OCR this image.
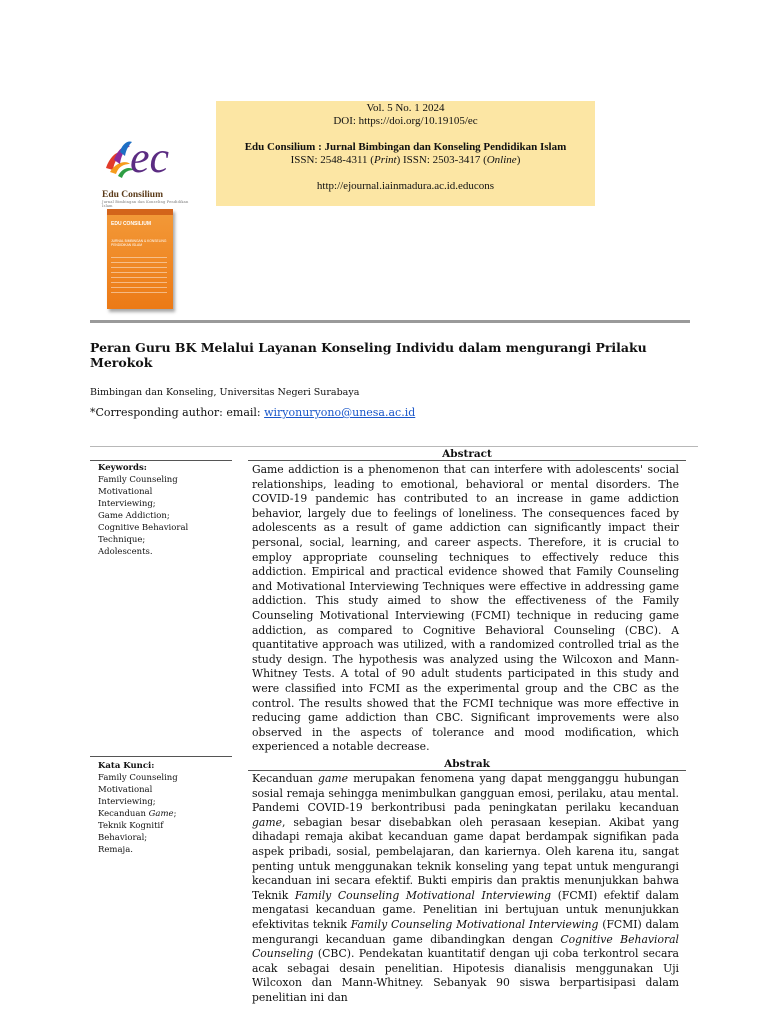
ec
Edu Consilium
Jurnal Bimbingan dan Konseling Pendidikan Islam
EDU CONSILIUM
JURNAL BIMBINGAN & KONSELING PENDIDIKAN ISLAM
Vol. 5 No. 1 2024
DOI: https://doi.org/10.19105/ec
Edu Consilium : Jurnal Bimbingan dan Konseling Pendidikan Islam
ISSN: 2548-4311 (Print) ISSN: 2503-3417 (Online)
http://ejournal.iainmadura.ac.id.educons
Peran Guru BK Melalui Layanan Konseling Individu dalam mengurangi Prilaku Merokok
Bimbingan dan Konseling, Universitas Negeri Surabaya
*Corresponding author: email: wiryonuryono@unesa.ac.id
Abstract
Keywords:
Family Counseling
Motivational
Interviewing;
Game Addiction;
Cognitive Behavioral
Technique;
Adolescents.

Game addiction is a phenomenon that can interfere with adolescents' social relationships, leading to emotional, behavioral or mental disorders. The COVID-19 pandemic has contributed to an increase in game addiction behavior, largely due to feelings of loneliness. The consequences faced by adolescents as a result of game addiction can significantly impact their personal, social, learning, and career aspects. Therefore, it is crucial to employ appropriate counseling techniques to effectively reduce this addiction. Empirical and practical evidence showed that Family Counseling and Motivational Interviewing Techniques were effective in addressing game addiction. This study aimed to show the effectiveness of the Family Counseling Motivational Interviewing (FCMI) technique in reducing game addiction, as compared to Cognitive Behavioral Counseling (CBC). A quantitative approach was utilized, with a randomized controlled trial as the study design. The hypothesis was analyzed using the Wilcoxon and Mann-Whitney Tests. A total of 90 adult students participated in this study and were classified into FCMI as the experimental group and the CBC as the control. The results showed that the FCMI technique was more effective in reducing game addiction than CBC. Significant improvements were also observed in the aspects of tolerance and mood modification, which experienced a notable decrease.

Abstrak
Kata Kunci:
Family Counseling
Motivational
Interviewing;
Kecanduan Game;
Teknik Kognitif
Behavioral;
Remaja.

Kecanduan game merupakan fenomena yang dapat mengganggu hubungan sosial remaja sehingga menimbulkan gangguan emosi, perilaku, atau mental. Pandemi COVID-19 berkontribusi pada peningkatan perilaku kecanduan game, sebagian besar disebabkan oleh perasaan kesepian. Akibat yang dihadapi remaja akibat kecanduan game dapat berdampak signifikan pada aspek pribadi, sosial, pembelajaran, dan kariernya. Oleh karena itu, sangat penting untuk menggunakan teknik konseling yang tepat untuk mengurangi kecanduan ini secara efektif. Bukti empiris dan praktis menunjukkan bahwa Teknik Family Counseling Motivational Interviewing (FCMI) efektif dalam mengatasi kecanduan game. Penelitian ini bertujuan untuk menunjukkan efektivitas teknik Family Counseling Motivational Interviewing (FCMI) dalam mengurangi kecanduan game dibandingkan dengan Cognitive Behavioral Counseling (CBC). Pendekatan kuantitatif dengan uji coba terkontrol secara acak sebagai desain penelitian. Hipotesis dianalisis menggunakan Uji Wilcoxon dan Mann-Whitney. Sebanyak 90 siswa berpartisipasi dalam penelitian ini dan
